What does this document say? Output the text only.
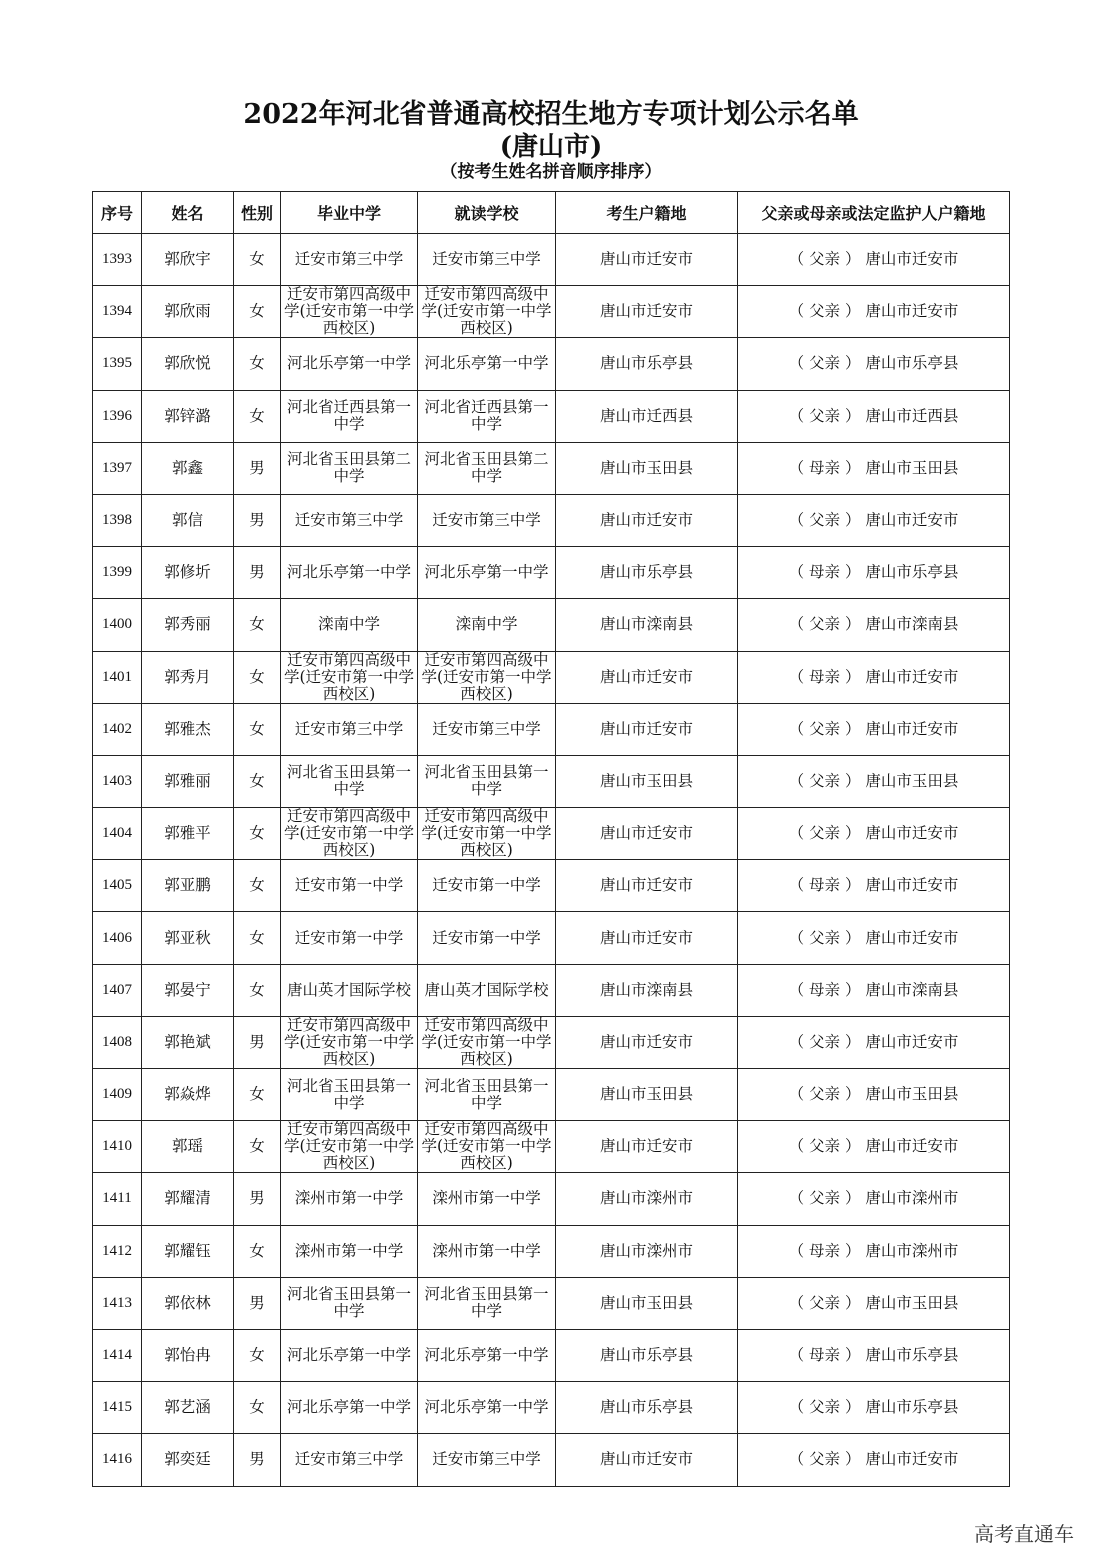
2022年河北省普通高校招生地方专项计划公示名单
(唐山市)
（按考生姓名拼音顺序排序）
序号	姓名	性别	毕业中学	就读学校	考生户籍地	父亲或母亲或法定监护人户籍地
1393	郭欣宇	女	迁安市第三中学	迁安市第三中学	唐山市迁安市	（ 父亲 ） 唐山市迁安市
1394	郭欣雨	女	迁安市第四高级中学(迁安市第一中学西校区)	迁安市第四高级中学(迁安市第一中学西校区)	唐山市迁安市	（ 父亲 ） 唐山市迁安市
1395	郭欣悦	女	河北乐亭第一中学	河北乐亭第一中学	唐山市乐亭县	（ 父亲 ） 唐山市乐亭县
1396	郭锌潞	女	河北省迁西县第一中学	河北省迁西县第一中学	唐山市迁西县	（ 父亲 ） 唐山市迁西县
1397	郭鑫	男	河北省玉田县第二中学	河北省玉田县第二中学	唐山市玉田县	（ 母亲 ） 唐山市玉田县
1398	郭信	男	迁安市第三中学	迁安市第三中学	唐山市迁安市	（ 父亲 ） 唐山市迁安市
1399	郭修圻	男	河北乐亭第一中学	河北乐亭第一中学	唐山市乐亭县	（ 母亲 ） 唐山市乐亭县
1400	郭秀丽	女	滦南中学	滦南中学	唐山市滦南县	（ 父亲 ） 唐山市滦南县
1401	郭秀月	女	迁安市第四高级中学(迁安市第一中学西校区)	迁安市第四高级中学(迁安市第一中学西校区)	唐山市迁安市	（ 母亲 ） 唐山市迁安市
1402	郭雅杰	女	迁安市第三中学	迁安市第三中学	唐山市迁安市	（ 父亲 ） 唐山市迁安市
1403	郭雅丽	女	河北省玉田县第一中学	河北省玉田县第一中学	唐山市玉田县	（ 父亲 ） 唐山市玉田县
1404	郭雅平	女	迁安市第四高级中学(迁安市第一中学西校区)	迁安市第四高级中学(迁安市第一中学西校区)	唐山市迁安市	（ 父亲 ） 唐山市迁安市
1405	郭亚鹏	女	迁安市第一中学	迁安市第一中学	唐山市迁安市	（ 母亲 ） 唐山市迁安市
1406	郭亚秋	女	迁安市第一中学	迁安市第一中学	唐山市迁安市	（ 父亲 ） 唐山市迁安市
1407	郭晏宁	女	唐山英才国际学校	唐山英才国际学校	唐山市滦南县	（ 母亲 ） 唐山市滦南县
1408	郭艳斌	男	迁安市第四高级中学(迁安市第一中学西校区)	迁安市第四高级中学(迁安市第一中学西校区)	唐山市迁安市	（ 父亲 ） 唐山市迁安市
1409	郭焱烨	女	河北省玉田县第一中学	河北省玉田县第一中学	唐山市玉田县	（ 父亲 ） 唐山市玉田县
1410	郭瑶	女	迁安市第四高级中学(迁安市第一中学西校区)	迁安市第四高级中学(迁安市第一中学西校区)	唐山市迁安市	（ 父亲 ） 唐山市迁安市
1411	郭耀清	男	滦州市第一中学	滦州市第一中学	唐山市滦州市	（ 父亲 ） 唐山市滦州市
1412	郭耀钰	女	滦州市第一中学	滦州市第一中学	唐山市滦州市	（ 母亲 ） 唐山市滦州市
1413	郭依林	男	河北省玉田县第一中学	河北省玉田县第一中学	唐山市玉田县	（ 父亲 ） 唐山市玉田县
1414	郭怡冉	女	河北乐亭第一中学	河北乐亭第一中学	唐山市乐亭县	（ 母亲 ） 唐山市乐亭县
1415	郭艺涵	女	河北乐亭第一中学	河北乐亭第一中学	唐山市乐亭县	（ 父亲 ） 唐山市乐亭县
1416	郭奕廷	男	迁安市第三中学	迁安市第三中学	唐山市迁安市	（ 父亲 ） 唐山市迁安市
高考直通车
